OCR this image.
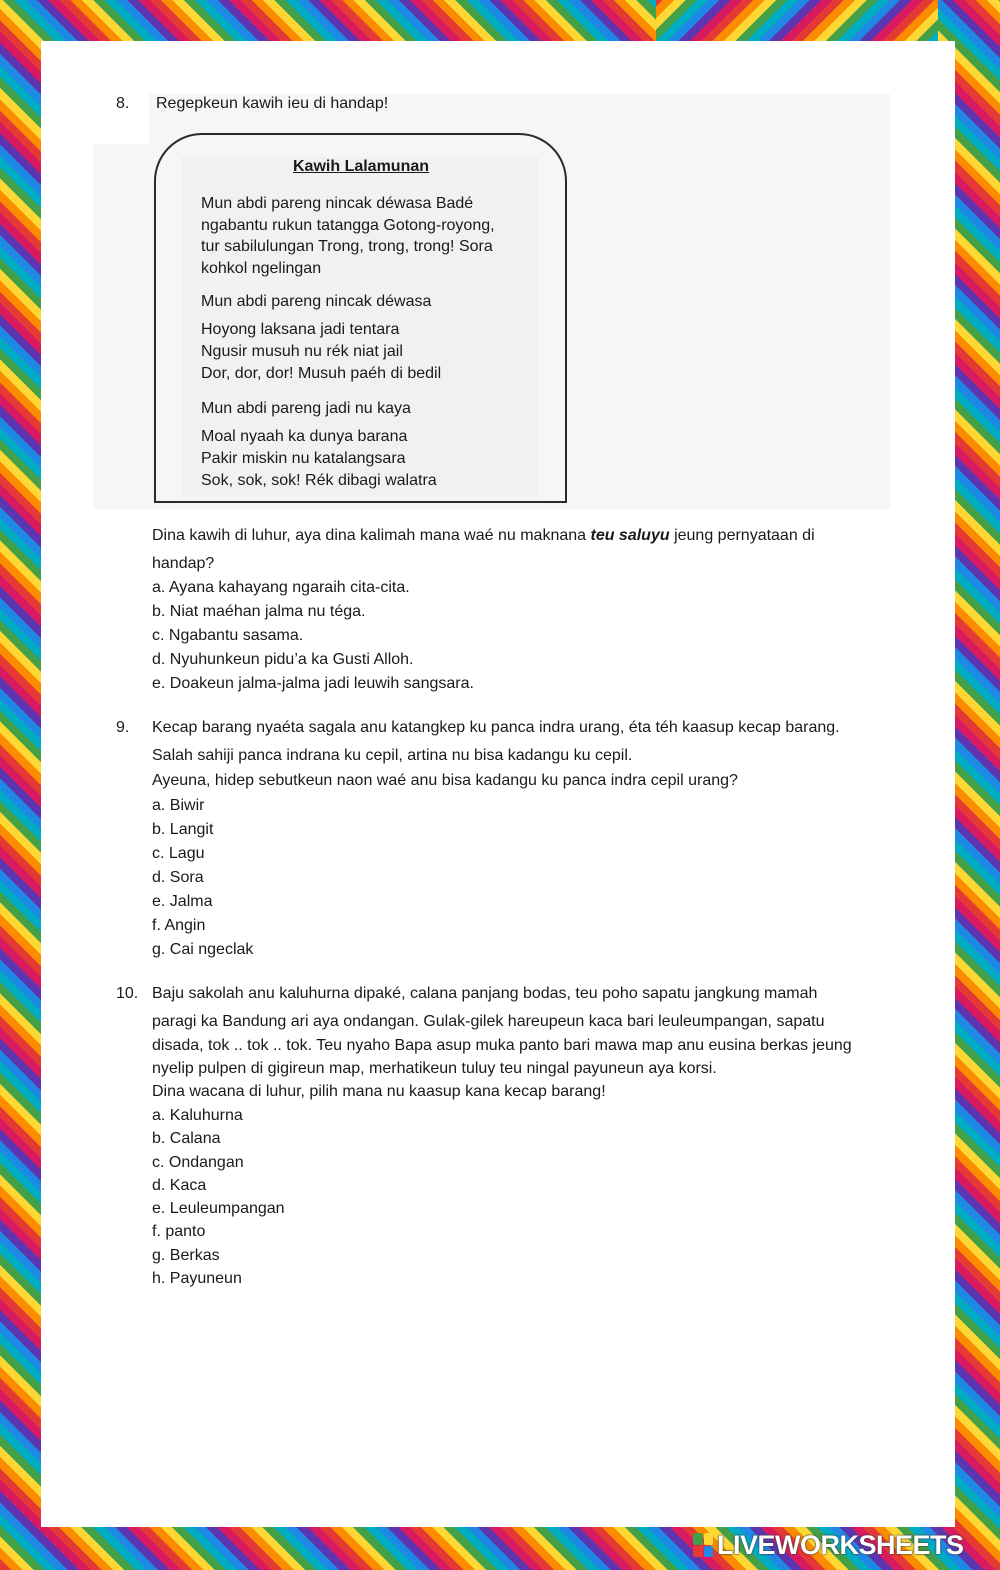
8. Regepkeun kawih ieu di handap!
Kawih Lalamunan
Mun abdi pareng nincak déwasa Badé
ngabantu rukun tatangga Gotong-royong,
tur sabilulungan Trong, trong, trong! Sora
kohkol ngelingan
Mun abdi pareng nincak déwasa
Hoyong laksana jadi tentara
Ngusir musuh nu rék niat jail
Dor, dor, dor! Musuh paéh di bedil
Mun abdi pareng jadi nu kaya
Moal nyaah ka dunya barana
Pakir miskin nu katalangsara
Sok, sok, sok! Rék dibagi walatra
Dina kawih di luhur, aya dina kalimah mana waé nu maknana teu saluyu jeung pernyataan di
handap?
a. Ayana kahayang ngaraih cita-cita.
b. Niat maéhan jalma nu téga.
c. Ngabantu sasama.
d. Nyuhunkeun pidu’a ka Gusti Alloh.
e. Doakeun jalma-jalma jadi leuwih sangsara.
9. Kecap barang nyaéta sagala anu katangkep ku panca indra urang, éta téh kaasup kecap barang.
Salah sahiji panca indrana ku cepil, artina nu bisa kadangu ku cepil.
Ayeuna, hidep sebutkeun naon waé anu bisa kadangu ku panca indra cepil urang?
a. Biwir
b. Langit
c. Lagu
d. Sora
e. Jalma
f. Angin
g. Cai ngeclak
10. Baju sakolah anu kaluhurna dipaké, calana panjang bodas, teu poho sapatu jangkung mamah
paragi ka Bandung ari aya ondangan. Gulak-gilek hareupeun kaca bari leuleumpangan, sapatu
disada, tok .. tok .. tok. Teu nyaho Bapa asup muka panto bari mawa map anu eusina berkas jeung
nyelip pulpen di gigireun map, merhatikeun tuluy teu ningal payuneun aya korsi.
Dina wacana di luhur, pilih mana nu kaasup kana kecap barang!
a. Kaluhurna
b. Calana
c. Ondangan
d. Kaca
e. Leuleumpangan
f. panto
g. Berkas
h. Payuneun
LIVEWORKSHEETS
